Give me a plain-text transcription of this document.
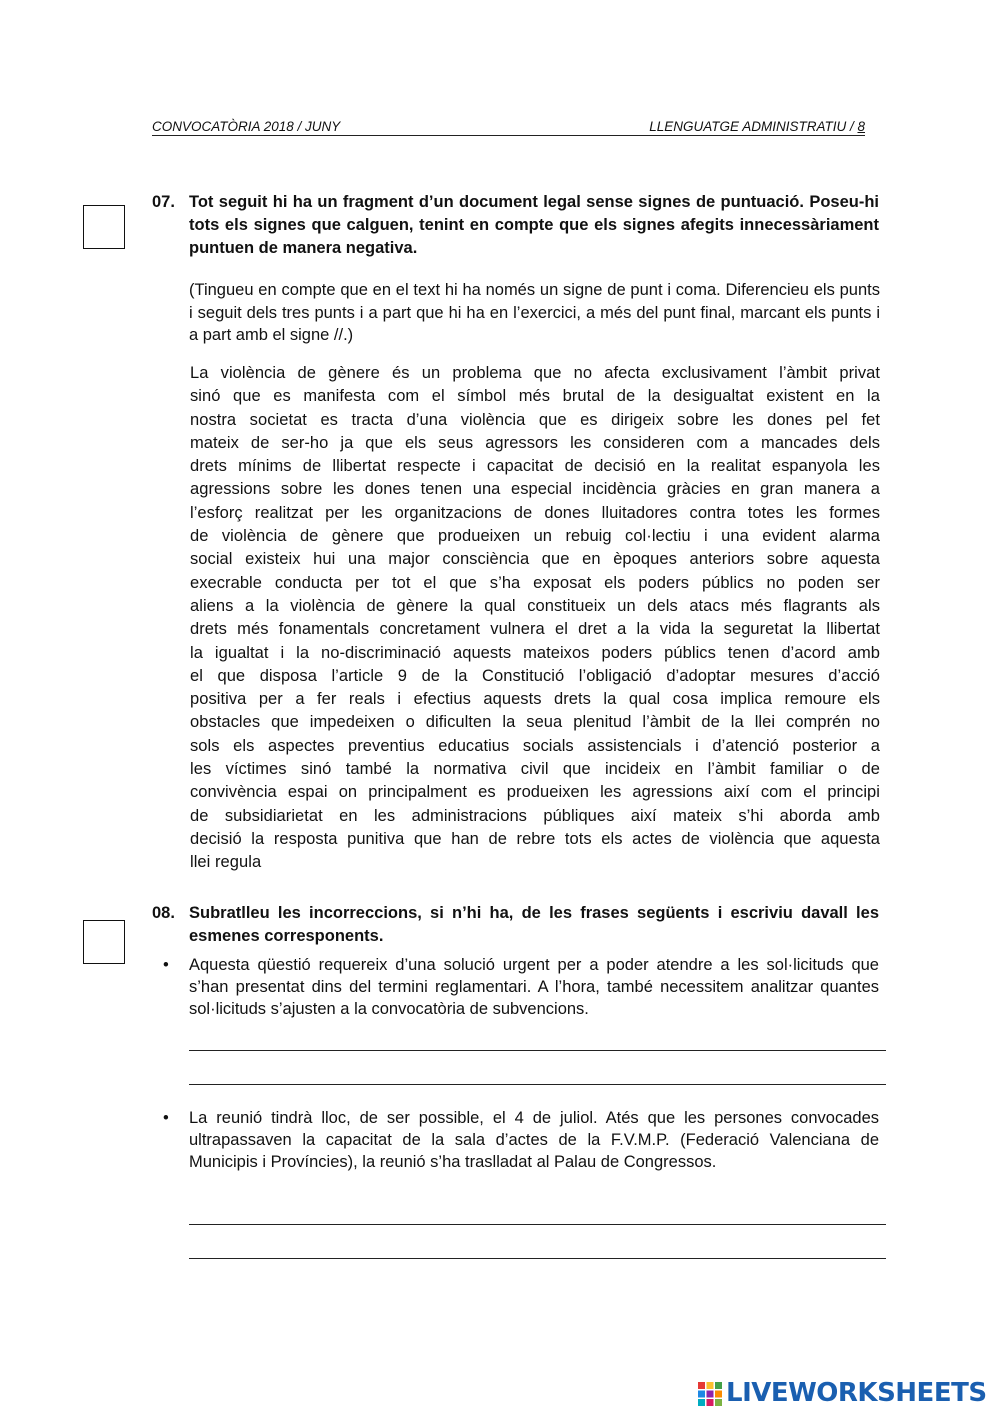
CONVOCATÒRIA 2018 / JUNY	LLENGUATGE ADMINISTRATIU / 8
07. Tot seguit hi ha un fragment d’un document legal sense signes de puntuació. Poseu-hi tots els signes que calguen, tenint en compte que els signes afegits innecessàriament puntuen de manera negativa.
(Tingueu en compte que en el text hi ha només un signe de punt i coma. Diferencieu els punts i seguit dels tres punts i a part que hi ha en l’exercici, a més del punt final, marcant els punts i a part amb el signe //.)
La violència de gènere és un problema que no afecta exclusivament l’àmbit privat
sinó que es manifesta com el símbol més brutal de la desigualtat existent en la
nostra societat es tracta d’una violència que es dirigeix sobre les dones pel fet
mateix de ser-ho ja que els seus agressors les consideren com a mancades dels
drets mínims de llibertat respecte i capacitat de decisió en la realitat espanyola les
agressions sobre les dones tenen una especial incidència gràcies en gran manera a
l’esforç realitzat per les organitzacions de dones lluitadores contra totes les formes
de violència de gènere que produeixen un rebuig col·lectiu i una evident alarma
social existeix hui una major consciència que en èpoques anteriors sobre aquesta
execrable conducta per tot el que s’ha exposat els poders públics no poden ser
aliens a la violència de gènere la qual constitueix un dels atacs més flagrants als
drets més fonamentals concretament vulnera el dret a la vida la seguretat la llibertat
la igualtat i la no-discriminació aquests mateixos poders públics tenen d’acord amb
el que disposa l’article 9 de la Constitució l’obligació d’adoptar mesures d’acció
positiva per a fer reals i efectius aquests drets la qual cosa implica remoure els
obstacles que impedeixen o dificulten la seua plenitud l’àmbit de la llei comprén no
sols els aspectes preventius educatius socials assistencials i d’atenció posterior a
les víctimes sinó també la normativa civil que incideix en l’àmbit familiar o de
convivència espai on principalment es produeixen les agressions així com el principi
de subsidiarietat en les administracions públiques així mateix s’hi aborda amb
decisió la resposta punitiva que han de rebre tots els actes de violència que aquesta
llei regula
08. Subratlleu les incorreccions, si n’hi ha, de les frases següents i escriviu davall les esmenes corresponents.
• Aquesta qüestió requereix d’una solució urgent per a poder atendre a les sol·licituds que s’han presentat dins del termini reglamentari. A l’hora, també necessitem analitzar quantes sol·licituds s’ajusten a la convocatòria de subvencions.
• La reunió tindrà lloc, de ser possible, el 4 de juliol. Atés que les persones convocades ultrapassaven la capacitat de la sala d’actes de la F.V.M.P. (Federació Valenciana de Municipis i Províncies), la reunió s’ha traslladat al Palau de Congressos.
LIVEWORKSHEETS
